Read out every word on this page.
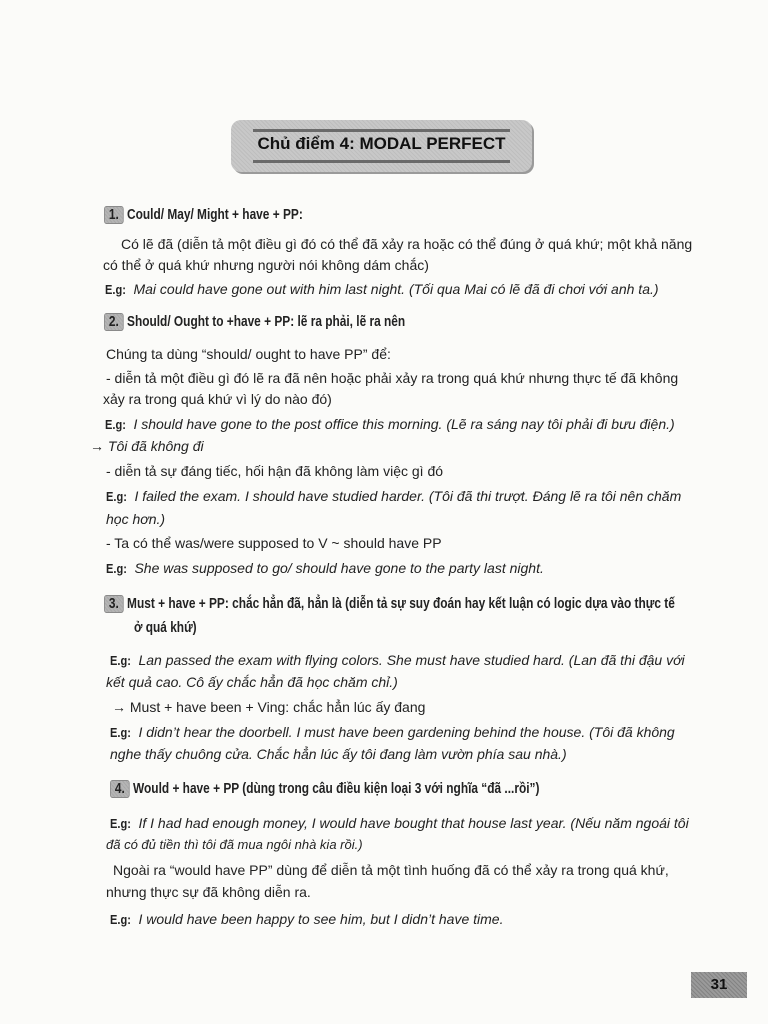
Chủ điểm 4: MODAL PERFECT
1. Could/ May/ Might + have + PP:
Có lẽ đã (diễn tả một điều gì đó có thể đã xảy ra hoặc có thể đúng ở quá khứ; một khả năng
có thể ở quá khứ nhưng người nói không dám chắc)
E.g: Mai could have gone out with him last night. (Tối qua Mai có lẽ đã đi chơi với anh ta.)
2. Should/ Ought to +have + PP: lẽ ra phải, lẽ ra nên
Chúng ta dùng “should/ ought to have PP” để:
- diễn tả một điều gì đó lẽ ra đã nên hoặc phải xảy ra trong quá khứ nhưng thực tế đã không
xảy ra trong quá khứ vì lý do nào đó)
E.g: I should have gone to the post office this morning. (Lẽ ra sáng nay tôi phải đi bưu điện.)
→ Tôi đã không đi
- diễn tả sự đáng tiếc, hối hận đã không làm việc gì đó
E.g: I failed the exam. I should have studied harder. (Tôi đã thi trượt. Đáng lẽ ra tôi nên chăm
học hơn.)
- Ta có thể was/were supposed to V ~ should have PP
E.g: She was supposed to go/ should have gone to the party last night.
3. Must + have + PP: chắc hẳn đã, hẳn là (diễn tả sự suy đoán hay kết luận có logic dựa vào thực tế
ở quá khứ)
E.g: Lan passed the exam with flying colors. She must have studied hard. (Lan đã thi đậu với
kết quả cao. Cô ấy chắc hẳn đã học chăm chỉ.)
→ Must + have been + Ving: chắc hẳn lúc ấy đang
E.g: I didn’t hear the doorbell. I must have been gardening behind the house. (Tôi đã không
nghe thấy chuông cửa. Chắc hẳn lúc ấy tôi đang làm vườn phía sau nhà.)
4. Would + have + PP (dùng trong câu điều kiện loại 3 với nghĩa “đã ...rồi”)
E.g: If I had had enough money, I would have bought that house last year. (Nếu năm ngoái tôi
đã có đủ tiền thì tôi đã mua ngôi nhà kia rồi.)
Ngoài ra “would have PP” dùng để diễn tả một tình huống đã có thể xảy ra trong quá khứ,
nhưng thực sự đã không diễn ra.
E.g: I would have been happy to see him, but I didn’t have time.
31
